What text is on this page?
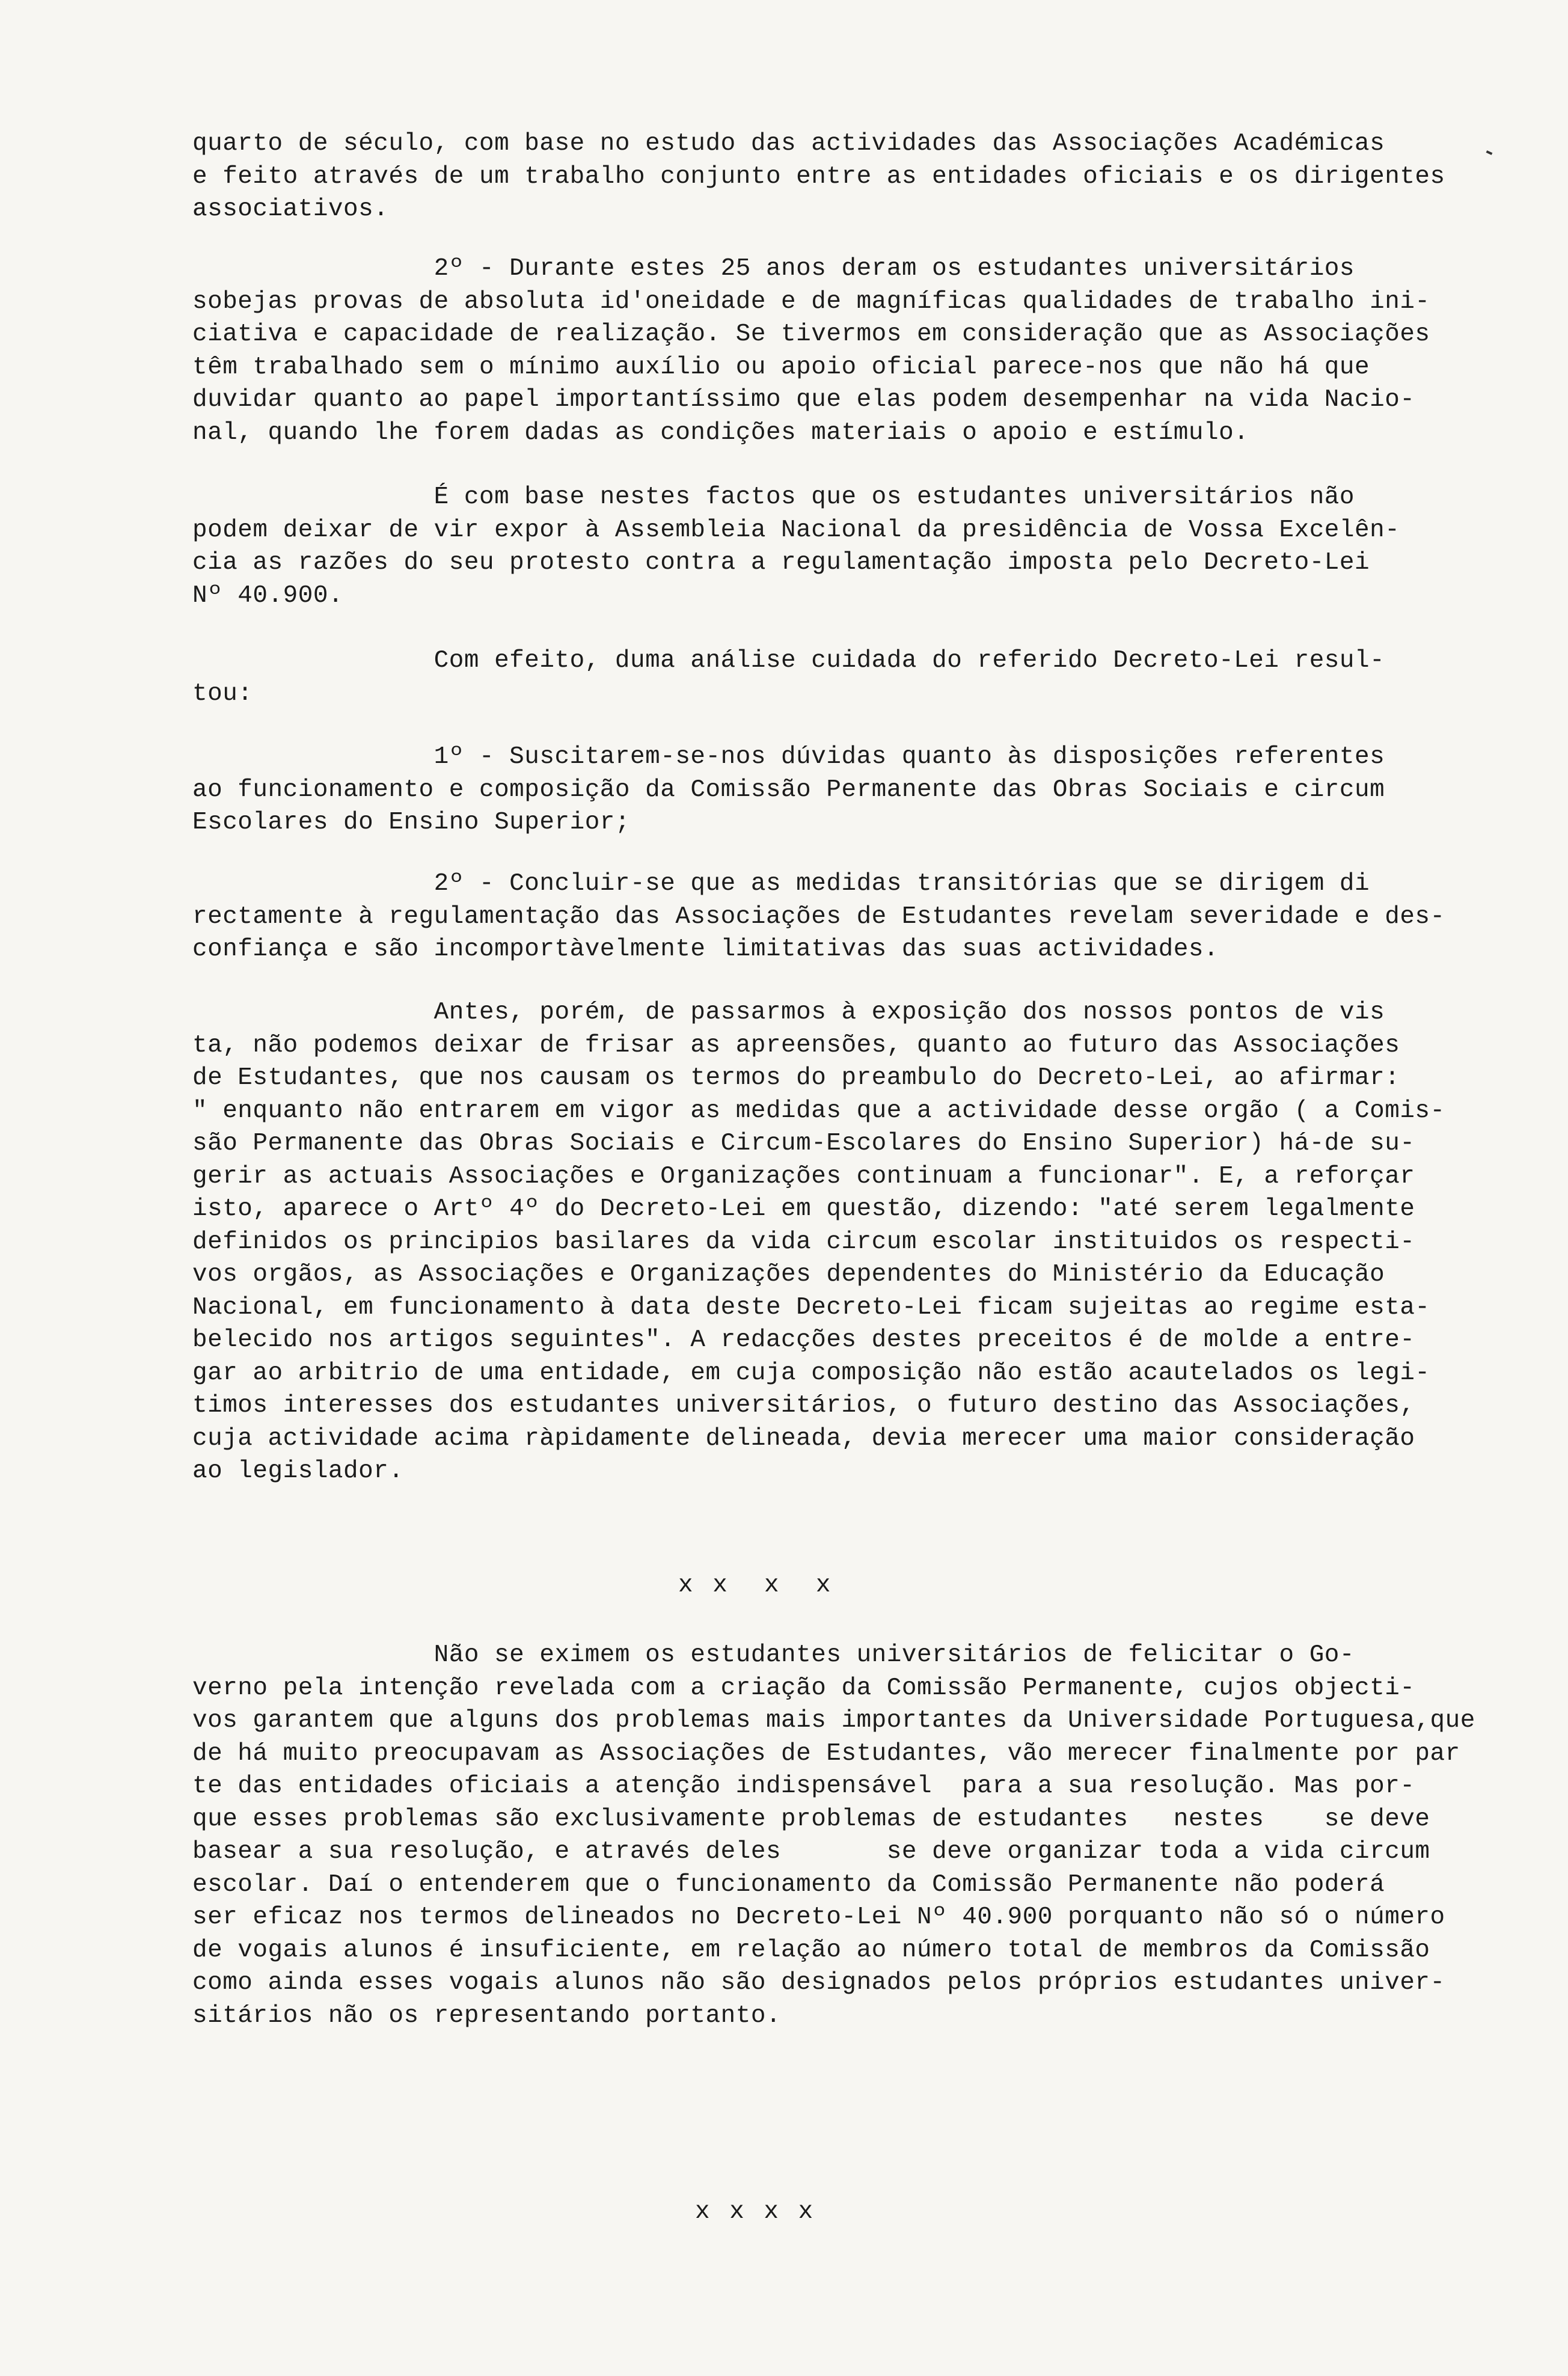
quarto de século, com base no estudo das actividades das Associações Académicas
e feito através de um trabalho conjunto entre as entidades oficiais e os dirigentes
associativos.
2º - Durante estes 25 anos deram os estudantes universitários
sobejas provas de absoluta id'oneidade e de magníficas qualidades de trabalho ini-
ciativa e capacidade de realização. Se tivermos em consideração que as Associações
têm trabalhado sem o mínimo auxílio ou apoio oficial parece-nos que não há que
duvidar quanto ao papel importantíssimo que elas podem desempenhar na vida Nacio-
nal, quando lhe forem dadas as condições materiais o apoio e estímulo.
É com base nestes factos que os estudantes universitários não
podem deixar de vir expor à Assembleia Nacional da presidência de Vossa Excelên-
cia as razões do seu protesto contra a regulamentação imposta pelo Decreto-Lei
Nº 40.900.
Com efeito, duma análise cuidada do referido Decreto-Lei resul-
tou:
1º - Suscitarem-se-nos dúvidas quanto às disposições referentes
ao funcionamento e composição da Comissão Permanente das Obras Sociais e circum
Escolares do Ensino Superior;
2º - Concluir-se que as medidas transitórias que se dirigem di
rectamente à regulamentação das Associações de Estudantes revelam severidade e des-
confiança e são incomportàvelmente limitativas das suas actividades.
Antes, porém, de passarmos à exposição dos nossos pontos de vis
ta, não podemos deixar de frisar as apreensões, quanto ao futuro das Associações
de Estudantes, que nos causam os termos do preambulo do Decreto-Lei, ao afirmar:
" enquanto não entrarem em vigor as medidas que a actividade desse orgão ( a Comis-
são Permanente das Obras Sociais e Circum-Escolares do Ensino Superior) há-de su-
gerir as actuais Associações e Organizações continuam a funcionar". E, a reforçar
isto, aparece o Artº 4º do Decreto-Lei em questão, dizendo: "até serem legalmente
definidos os principios basilares da vida circum escolar instituidos os respecti-
vos orgãos, as Associações e Organizações dependentes do Ministério da Educação
Nacional, em funcionamento à data deste Decreto-Lei ficam sujeitas ao regime esta-
belecido nos artigos seguintes". A redacções destes preceitos é de molde a entre-
gar ao arbitrio de uma entidade, em cuja composição não estão acautelados os legi-
timos interesses dos estudantes universitários, o futuro destino das Associações,
cuja actividade acima ràpidamente delineada, devia merecer uma maior consideração
ao legislador.
x x  x  x
Não se eximem os estudantes universitários de felicitar o Go-
verno pela intenção revelada com a criação da Comissão Permanente, cujos objecti-
vos garantem que alguns dos problemas mais importantes da Universidade Portuguesa,que
de há muito preocupavam as Associações de Estudantes, vão merecer finalmente por par
te das entidades oficiais a atenção indispensável  para a sua resolução. Mas por-
que esses problemas são exclusivamente problemas de estudantes   nestes    se deve
basear a sua resolução, e através deles       se deve organizar toda a vida circum
escolar. Daí o entenderem que o funcionamento da Comissão Permanente não poderá
ser eficaz nos termos delineados no Decreto-Lei Nº 40.900 porquanto não só o número
de vogais alunos é insuficiente, em relação ao número total de membros da Comissão
como ainda esses vogais alunos não são designados pelos próprios estudantes univer-
sitários não os representando portanto.
x x x x
